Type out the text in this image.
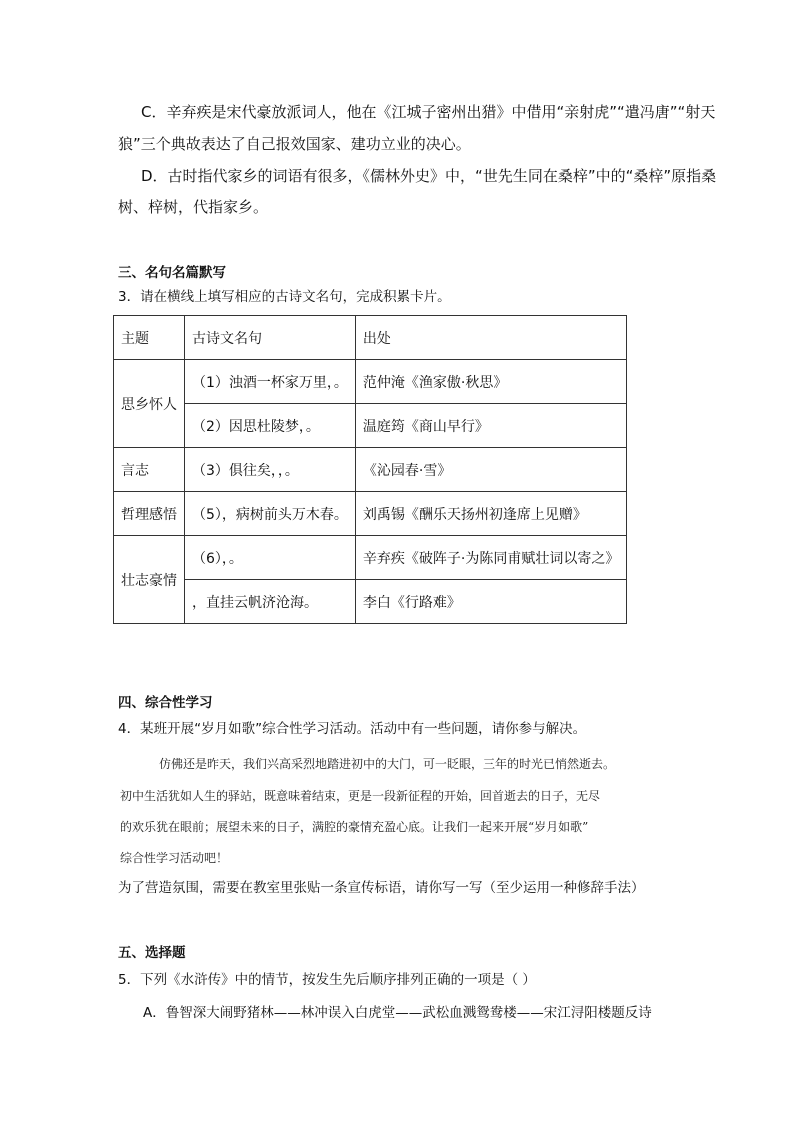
C．辛弃疾是宋代豪放派词人，他在《江城子密州出猎》中借用“亲射虎”“遣冯唐”“射天
狼”三个典故表达了自己报效国家、建功立业的决心。
D．古时指代家乡的词语有很多，《儒林外史》中，“世先生同在桑梓”中的“桑梓”原指桑
树、梓树，代指家乡。
三、名句名篇默写
3．请在横线上填写相应的古诗文名句，完成积累卡片。
主题	古诗文名句	出处
思乡怀人	（1）浊酒一杯家万里，。	范仲淹《渔家傲·秋思》
	（2）因思杜陵梦，。	温庭筠《商山早行》
言志	（3）俱往矣，，。	《沁园春·雪》
哲理感悟	（5），病树前头万木春。	刘禹锡《酬乐天扬州初逢席上见赠》
壮志豪情	（6），。	辛弃疾《破阵子·为陈同甫赋壮词以寄之》
	，直挂云帆济沧海。	李白《行路难》
四、综合性学习
4．某班开展“岁月如歌”综合性学习活动。活动中有一些问题，请你参与解决。
仿佛还是昨天，我们兴高采烈地踏进初中的大门，可一眨眼，三年的时光已悄然逝去。
初中生活犹如人生的驿站，既意味着结束，更是一段新征程的开始，回首逝去的日子，无尽
的欢乐犹在眼前；展望未来的日子，满腔的豪情充盈心底。让我们一起来开展“岁月如歌”
综合性学习活动吧！
为了营造氛围，需要在教室里张贴一条宣传标语，请你写一写（至少运用一种修辞手法）
五、选择题
5．下列《水浒传》中的情节，按发生先后顺序排列正确的一项是（ ）
A．鲁智深大闹野猪林——林冲误入白虎堂——武松血溅鸳鸯楼——宋江浔阳楼题反诗
